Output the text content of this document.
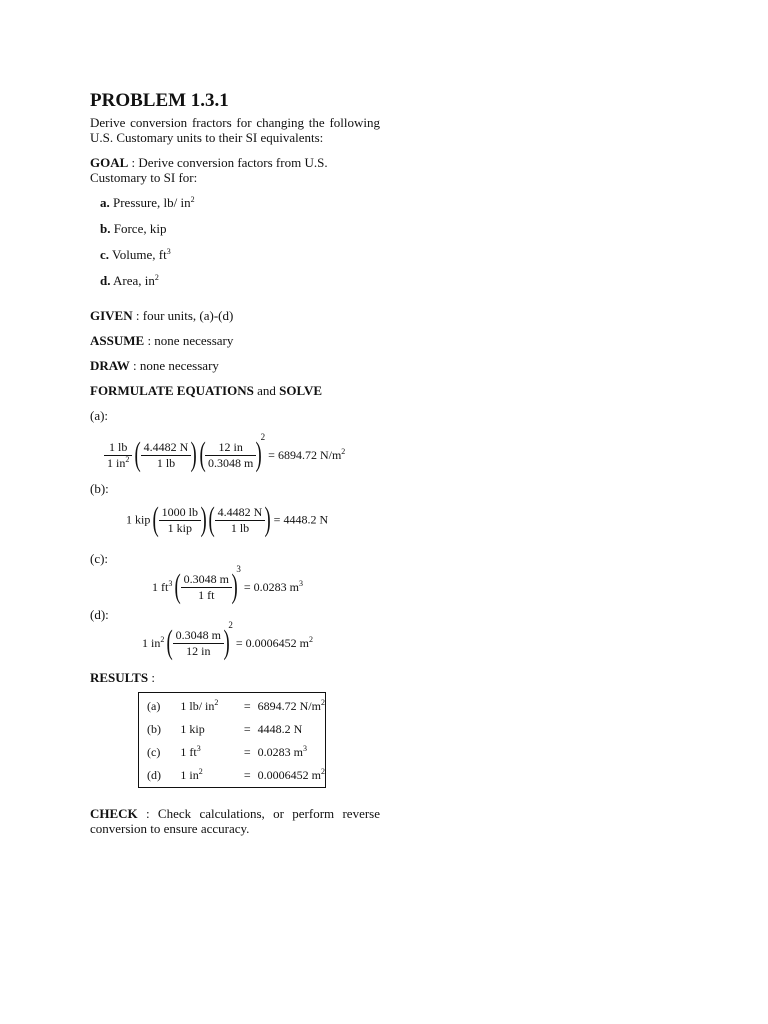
PROBLEM 1.3.1
Derive conversion fractors for changing the following U.S. Customary units to their SI equivalents:
GOAL : Derive conversion factors from U.S. Customary to SI for:
a. Pressure, lb/ $in^2$
b. Force, kip
c. Volume, $ft^3$
d. Area, $in^2$
GIVEN : four units, (a)-(d)
ASSUME : none necessary
DRAW : none necessary
FORMULATE EQUATIONS and SOLVE
(a):
$\frac{1 lb}{1 in^2}$ ( $\frac{4.4482 N}{1 lb}$ ) ( $\frac{12 in}{0.3048 m} )2 = 6894.72$ $N/m^2$
(b):
1 kip ( $\frac{1000 lb}{\text{1 kip}}$ ) ( $\frac{4.4482 N}{1 lb}$ ) = 4448.2 N
(c):
1 $ft^3$ ( $\frac{0.3048 m}{1 ft} )3 = 0.0283$ $m^3$
(d):
1 $in^2$ ( $\frac{0.3048 m}{12 in} )2 = 0.0006452$ $m^2$
RESULTS :
(a)	1 lb/ $in^2$	=	6894.72 $N/m^2$
(b)	1 kip	=	4448.2 N
(c)	1 $ft^3$	=	0.0283 $m^3$
(d)	1 $in^2$	=	0.0006452 $m^2$
CHECK : Check calculations, or perform reverse conversion to ensure accuracy.
